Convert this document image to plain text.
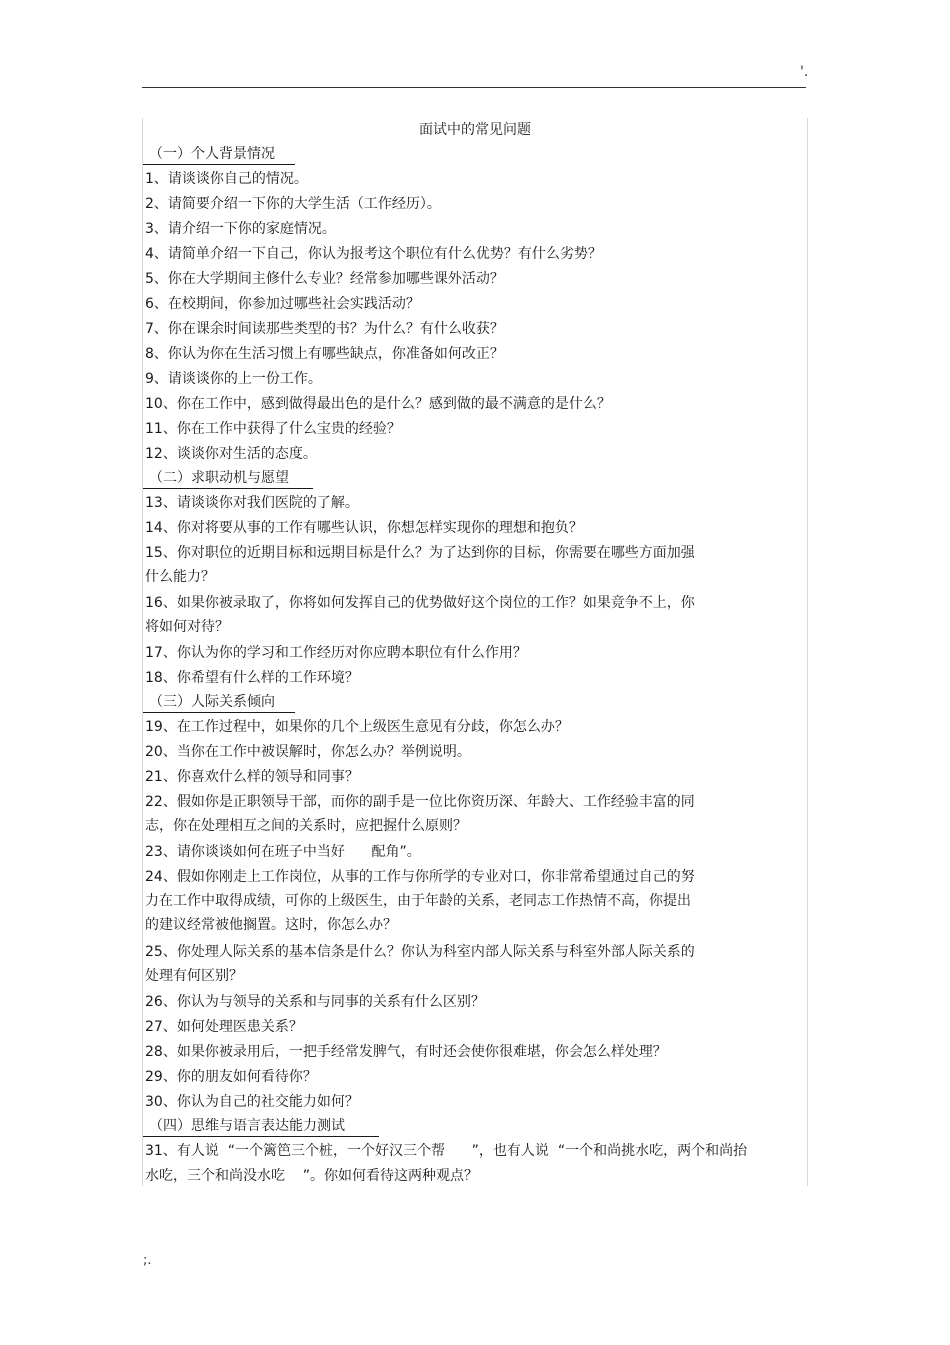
'.
面试中的常见问题
（一）个人背景情况
1、请谈谈你自己的情况。
2、请简要介绍一下你的大学生活（工作经历）。
3、请介绍一下你的家庭情况。
4、请简单介绍一下自己，你认为报考这个职位有什么优势？有什么劣势？
5、你在大学期间主修什么专业？经常参加哪些课外活动？
6、在校期间，你参加过哪些社会实践活动？
7、你在课余时间读那些类型的书？为什么？有什么收获？
8、你认为你在生活习惯上有哪些缺点，你准备如何改正？
9、请谈谈你的上一份工作。
10、你在工作中，感到做得最出色的是什么？感到做的最不满意的是什么？
11、你在工作中获得了什么宝贵的经验？
12、谈谈你对生活的态度。
（二）求职动机与愿望
13、请谈谈你对我们医院的了解。
14、你对将要从事的工作有哪些认识，你想怎样实现你的理想和抱负？
15、你对职位的近期目标和远期目标是什么？为了达到你的目标，你需要在哪些方面加强
什么能力？
16、如果你被录取了，你将如何发挥自己的优势做好这个岗位的工作？如果竞争不上，你
将如何对待？
17、你认为你的学习和工作经历对你应聘本职位有什么作用？
18、你希望有什么样的工作环境？
（三）人际关系倾向
19、在工作过程中，如果你的几个上级医生意见有分歧，你怎么办？
20、当你在工作中被误解时，你怎么办？举例说明。
21、你喜欢什么样的领导和同事？
22、假如你是正职领导干部，而你的副手是一位比你资历深、年龄大、工作经验丰富的同
志，你在处理相互之间的关系时，应把握什么原则？
23、请你谈谈如何在班子中当好      配角”。
24、假如你刚走上工作岗位，从事的工作与你所学的专业对口，你非常希望通过自己的努
力在工作中取得成绩，可你的上级医生，由于年龄的关系，老同志工作热情不高，你提出
的建议经常被他搁置。这时，你怎么办？
25、你处理人际关系的基本信条是什么？你认为科室内部人际关系与科室外部人际关系的
处理有何区别？
26、你认为与领导的关系和与同事的关系有什么区别？
27、如何处理医患关系？
28、如果你被录用后，一把手经常发脾气，有时还会使你很难堪，你会怎么样处理？
29、你的朋友如何看待你？
30、你认为自己的社交能力如何？
（四）思维与语言表达能力测试
31、有人说  “一个篱笆三个桩，一个好汉三个帮      ”，也有人说  “一个和尚挑水吃，两个和尚抬
水吃，三个和尚没水吃    ”。你如何看待这两种观点？
;.
